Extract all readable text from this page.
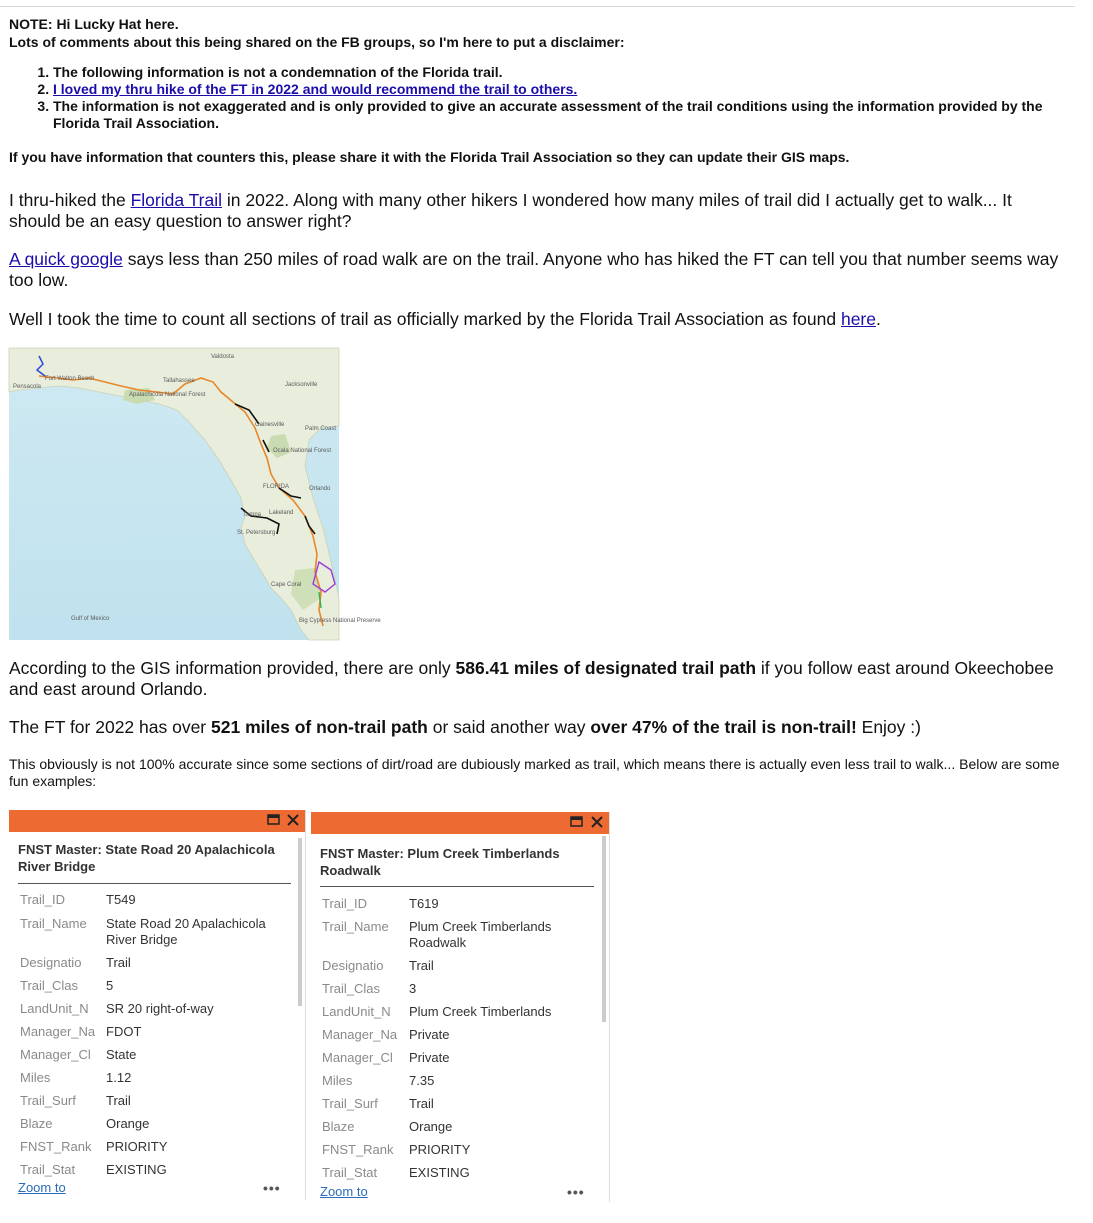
NOTE: Hi Lucky Hat here.
Lots of comments about this being shared on the FB groups, so I'm here to put a disclaimer:
1. The following information is not a condemnation of the Florida trail.
2. I loved my thru hike of the FT in 2022 and would recommend the trail to others.
3. The information is not exaggerated and is only provided to give an accurate assessment of the trail conditions using the information provided by the Florida Trail Association.
If you have information that counters this, please share it with the Florida Trail Association so they can update their GIS maps.
I thru-hiked the Florida Trail in 2022. Along with many other hikers I wondered how many miles of trail did I actually get to walk... It should be an easy question to answer right?
A quick google says less than 250 miles of road walk are on the trail. Anyone who has hiked the FT can tell you that number seems way too low.
Well I took the time to count all sections of trail as officially marked by the Florida Trail Association as found here.
Valdosta
Tallahassee
Jacksonville
Apalachicola National Forest
Gainesville
Palm Coast
Ocala National Forest
FLORIDA	Orlando
Tampa Lakeland
St. Petersburg
Cape Coral
Big Cypress National Preserve
Gulf of Mexico
Pensacola
Fort Walton Beach
According to the GIS information provided, there are only 586.41 miles of designated trail path if you follow east around Okeechobee and east around Orlando.
The FT for 2022 has over 521 miles of non-trail path or said another way over 47% of the trail is non-trail! Enjoy :)
This obviously is not 100% accurate since some sections of dirt/road are dubiously marked as trail, which means there is actually even less trail to walk... Below are some fun examples:
FNST Master: State Road 20 Apalachicola River Bridge
Trail_ID	T549
Trail_Name	State Road 20 Apalachicola River Bridge
Designatio	Trail
Trail_Clas	5
LandUnit_N	SR 20 right-of-way
Manager_Na FDOT
Manager_Cl	State
Miles	1.12
Trail_Surf	Trail
Blaze	Orange
FNST_Rank	PRIORITY
Trail_Stat	EXISTING
Zoom to	•••
FNST Master: Plum Creek Timberlands Roadwalk
Trail_ID	T619
Trail_Name	Plum Creek Timberlands Roadwalk
Designatio	Trail
Trail_Clas	3
LandUnit_N	Plum Creek Timberlands
Manager_Na Private
Manager_Cl	Private
Miles	7.35
Trail_Surf	Trail
Blaze	Orange
FNST_Rank	PRIORITY
Trail_Stat	EXISTING
Zoom to	•••
